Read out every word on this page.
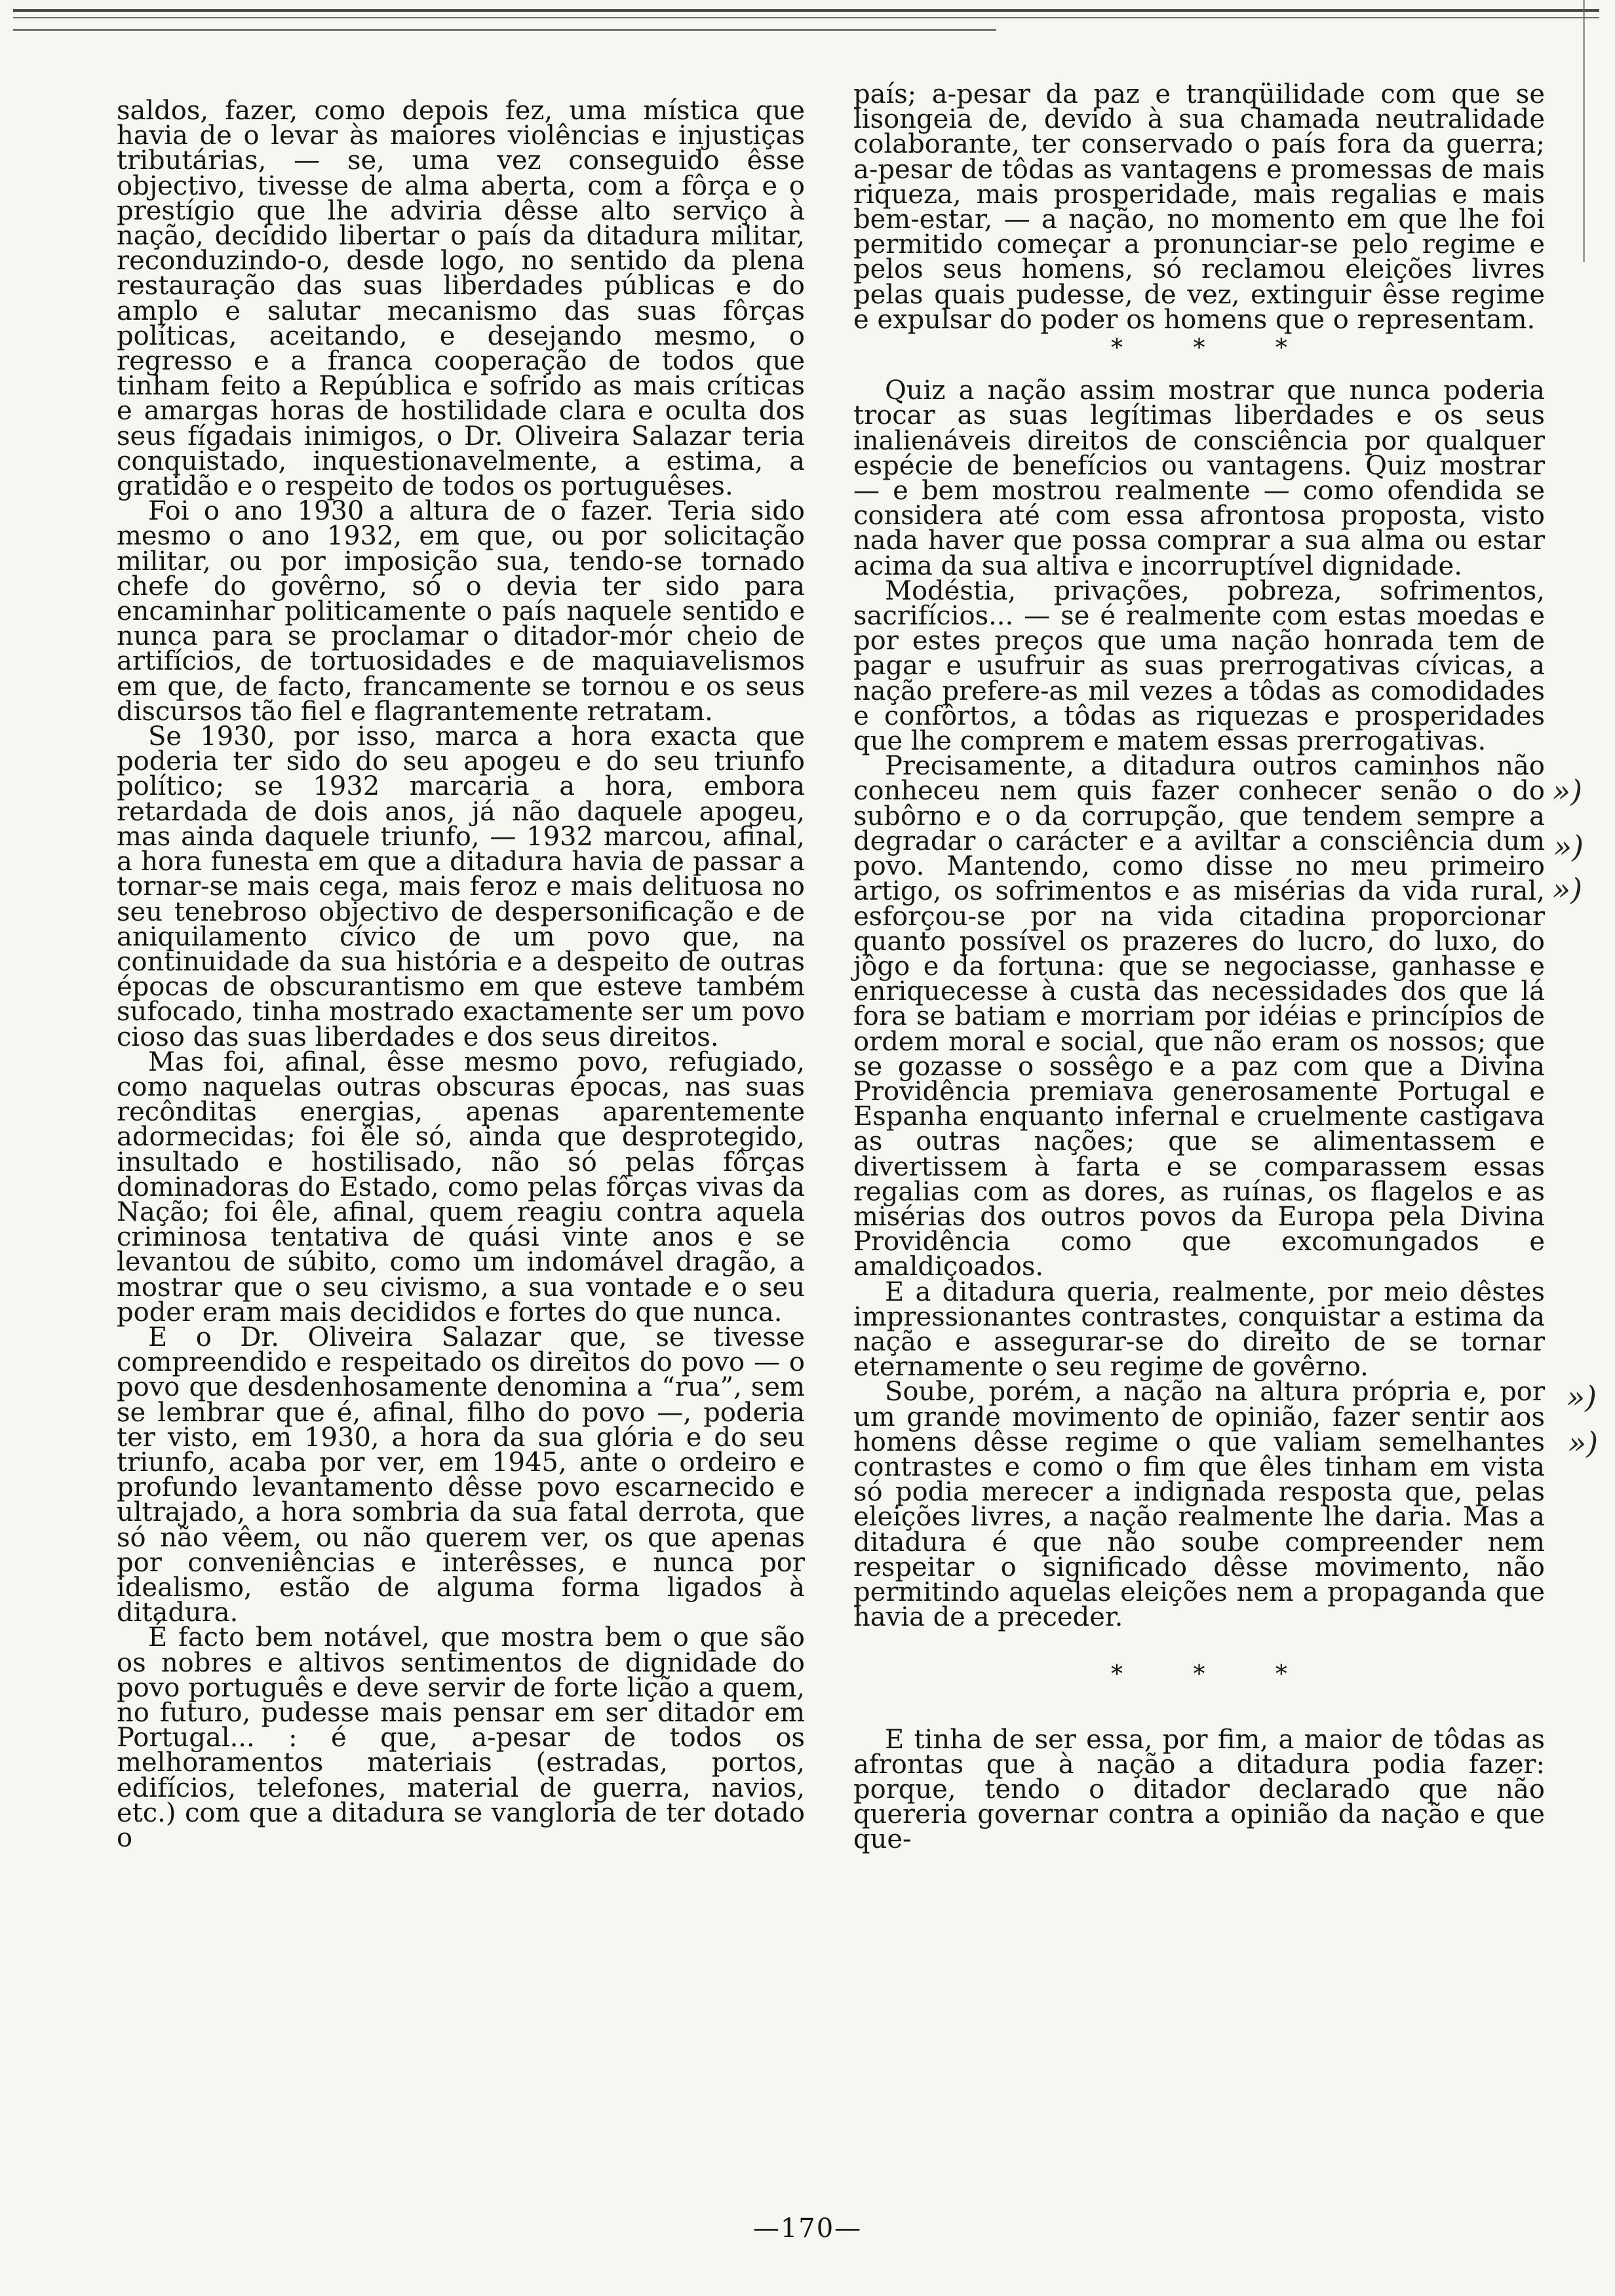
saldos, fazer, como depois fez, uma mística que havia de o levar às maiores violências e injustiças tributárias, — se, uma vez conseguido êsse objectivo, tivesse de alma aberta, com a fôrça e o prestígio que lhe adviria dêsse alto serviço à nação, decidido libertar o país da ditadura militar, reconduzindo-o, desde logo, no sentido da plena restauração das suas liberdades públicas e do amplo e salutar mecanismo das suas fôrças políticas, aceitando, e desejando mesmo, o regresso e a franca cooperação de todos que tinham feito a República e sofrido as mais críticas e amargas horas de hostilidade clara e oculta dos seus fígadais inimigos, o Dr. Oliveira Salazar teria conquistado, inquestionavelmente, a estima, a gratidão e o respeito de todos os portuguêses.

Foi o ano 1930 a altura de o fazer. Teria sido mesmo o ano 1932, em que, ou por solicitação militar, ou por imposição sua, tendo-se tornado chefe do govêrno, só o devia ter sido para encaminhar politicamente o país naquele sentido e nunca para se proclamar o ditador-mór cheio de artifícios, de tortuosidades e de maquiavelismos em que, de facto, francamente se tornou e os seus discursos tão fiel e flagrantemente retratam.

Se 1930, por isso, marca a hora exacta que poderia ter sido do seu apogeu e do seu triunfo político; se 1932 marcaria a hora, embora retardada de dois anos, já não daquele apogeu, mas ainda daquele triunfo, — 1932 marcou, afinal, a hora funesta em que a ditadura havia de passar a tornar-se mais cega, mais feroz e mais delituosa no seu tenebroso objectivo de despersonificação e de aniquilamento cívico de um povo que, na continuidade da sua história e a despeito de outras épocas de obscurantismo em que esteve também sufocado, tinha mostrado exactamente ser um povo cioso das suas liberdades e dos seus direitos.

Mas foi, afinal, êsse mesmo povo, refugiado, como naquelas outras obscuras épocas, nas suas recônditas energias, apenas aparentemente adormecidas; foi êle só, ainda que desprotegido, insultado e hostilisado, não só pelas fôrças dominadoras do Estado, como pelas fôrças vivas da Nação; foi êle, afinal, quem reagiu contra aquela criminosa tentativa de quási vinte anos e se levantou de súbito, como um indomável dragão, a mostrar que o seu civismo, a sua vontade e o seu poder eram mais decididos e fortes do que nunca.

E o Dr. Oliveira Salazar que, se tivesse compreendido e respeitado os direitos do povo — o povo que desdenhosamente denomina a “rua”, sem se lembrar que é, afinal, filho do povo —, poderia ter visto, em 1930, a hora da sua glória e do seu triunfo, acaba por ver, em 1945, ante o ordeiro e profundo levantamento dêsse povo escarnecido e ultrajado, a hora sombria da sua fatal derrota, que só não vêem, ou não querem ver, os que apenas por conveniências e interêsses, e nunca por idealismo, estão de alguma forma ligados à ditadura.

É facto bem notável, que mostra bem o que são os nobres e altivos sentimentos de dignidade do povo português e deve servir de forte lição a quem, no futuro, pudesse mais pensar em ser ditador em Portugal... : é que, a-pesar de todos os melhoramentos materiais (estradas, portos, edifícios, telefones, material de guerra, navios, etc.) com que a ditadura se vangloria de ter dotado o

país; a-pesar da paz e tranqüilidade com que se lisongeia de, devido à sua chamada neutralidade colaborante, ter conservado o país fora da guerra; a-pesar de tôdas as vantagens e promessas de mais riqueza, mais prosperidade, mais regalias e mais bem-estar, — a nação, no momento em que lhe foi permitido começar a pronunciar-se pelo regime e pelos seus homens, só reclamou eleições livres pelas quais pudesse, de vez, extinguir êsse regime e expulsar do poder os homens que o representam.

* * *

Quiz a nação assim mostrar que nunca poderia trocar as suas legítimas liberdades e os seus inalienáveis direitos de consciência por qualquer espécie de benefícios ou vantagens. Quiz mostrar — e bem mostrou realmente — como ofendida se considera até com essa afrontosa proposta, visto nada haver que possa comprar a sua alma ou estar acima da sua altiva e incorruptível dignidade.

Modéstia, privações, pobreza, sofrimentos, sacrifícios... — se é realmente com estas moedas e por estes preços que uma nação honrada tem de pagar e usufruir as suas prerrogativas cívicas, a nação prefere-as mil vezes a tôdas as comodidades e confôrtos, a tôdas as riquezas e prosperidades que lhe comprem e matem essas prerrogativas.

Precisamente, a ditadura outros caminhos não conheceu nem quis fazer conhecer senão o do subôrno e o da corrupção, que tendem sempre a degradar o carácter e a aviltar a consciência dum povo. Mantendo, como disse no meu primeiro artigo, os sofrimentos e as misérias da vida rural, esforçou-se por na vida citadina proporcionar quanto possível os prazeres do lucro, do luxo, do jôgo e da fortuna: que se negociasse, ganhasse e enriquecesse à custa das necessidades dos que lá fora se batiam e morriam por idéias e princípios de ordem moral e social, que não eram os nossos; que se gozasse o sossêgo e a paz com que a Divina Providência premiava generosamente Portugal e Espanha enquanto infernal e cruelmente castigava as outras nações; que se alimentassem e divertissem à farta e se comparassem essas regalias com as dores, as ruínas, os flagelos e as misérias dos outros povos da Europa pela Divina Providência como que excomungados e amaldiçoados.

E a ditadura queria, realmente, por meio dêstes impressionantes contrastes, conquistar a estima da nação e assegurar-se do direito de se tornar eternamente o seu regime de govêrno.

Soube, porém, a nação na altura própria e, por um grande movimento de opinião, fazer sentir aos homens dêsse regime o que valiam semelhantes contrastes e como o fim que êles tinham em vista só podia merecer a indignada resposta que, pelas eleições livres, a nação realmente lhe daria. Mas a ditadura é que não soube compreender nem respeitar o significado dêsse movimento, não permitindo aquelas eleições nem a propaganda que havia de a preceder.

* * *

E tinha de ser essa, por fim, a maior de tôdas as afrontas que à nação a ditadura podia fazer: porque, tendo o ditador declarado que não quereria governar contra a opinião da nação e que que-

»)
»)
»)
»)
»)
—170—
